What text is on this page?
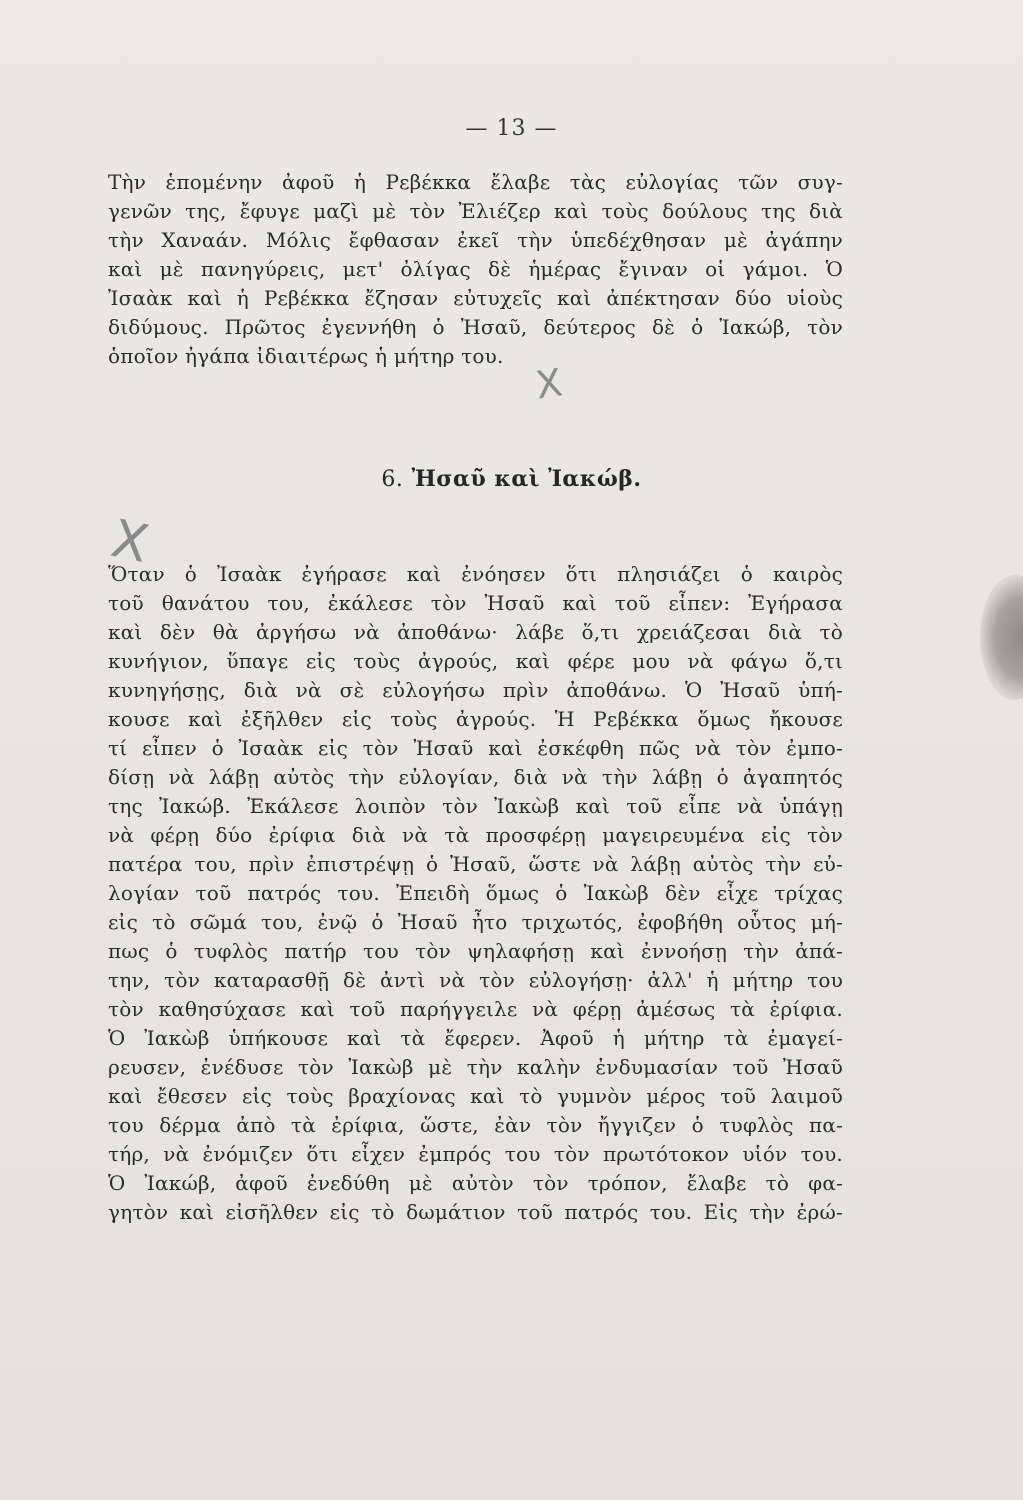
— 13 —
Τὴν ἑπομένην ἀφοῦ ἡ Ρεβέκκα ἔλαβε τὰς εὐλογίας τῶν συγ-
γενῶν της, ἔφυγε μαζὶ μὲ τὸν Ἐλιέζερ καὶ τοὺς δούλους της διὰ
τὴν Χαναάν. Μόλις ἔφθασαν ἐκεῖ τὴν ὑπεδέχθησαν μὲ ἀγάπην
καὶ μὲ πανηγύρεις, μετ' ὀλίγας δὲ ἡμέρας ἔγιναν οἱ γάμοι. Ὁ
Ἰσαὰκ καὶ ἡ Ρεβέκκα ἔζησαν εὐτυχεῖς καὶ ἀπέκτησαν δύο υἱοὺς
διδύμους. Πρῶτος ἐγεννήθη ὁ Ἠσαῦ, δεύτερος δὲ ὁ Ἰακώβ, τὸν
ὁποῖον ἠγάπα ἰδιαιτέρως ἡ μήτηρ του.
X
6. Ἠσαῦ καὶ Ἰακώβ.
X
Ὅταν ὁ Ἰσαὰκ ἐγήρασε καὶ ἐνόησεν ὅτι πλησιάζει ὁ καιρὸς
τοῦ θανάτου του, ἐκάλεσε τὸν Ἠσαῦ καὶ τοῦ εἶπεν: Ἐγήρασα
καὶ δὲν θὰ ἀργήσω νὰ ἀποθάνω· λάβε ὅ,τι χρειάζεσαι διὰ τὸ
κυνήγιον, ὕπαγε εἰς τοὺς ἀγρούς, καὶ φέρε μου νὰ φάγω ὅ,τι
κυνηγήσῃς, διὰ νὰ σὲ εὐλογήσω πρὶν ἀποθάνω. Ὁ Ἠσαῦ ὑπή-
κουσε καὶ ἐξῆλθεν εἰς τοὺς ἀγρούς. Ἡ Ρεβέκκα ὅμως ἤκουσε
τί εἶπεν ὁ Ἰσαὰκ εἰς τὸν Ἠσαῦ καὶ ἐσκέφθη πῶς νὰ τὸν ἐμπο-
δίσῃ νὰ λάβῃ αὐτὸς τὴν εὐλογίαν, διὰ νὰ τὴν λάβῃ ὁ ἀγαπητός
της Ἰακώβ. Ἐκάλεσε λοιπὸν τὸν Ἰακὼβ καὶ τοῦ εἶπε νὰ ὑπάγῃ
νὰ φέρῃ δύο ἐρίφια διὰ νὰ τὰ προσφέρῃ μαγειρευμένα εἰς τὸν
πατέρα του, πρὶν ἐπιστρέψῃ ὁ Ἠσαῦ, ὥστε νὰ λάβῃ αὐτὸς τὴν εὐ-
λογίαν τοῦ πατρός του. Ἐπειδὴ ὅμως ὁ Ἰακὼβ δὲν εἶχε τρίχας
εἰς τὸ σῶμά του, ἐνῷ ὁ Ἠσαῦ ἦτο τριχωτός, ἐφοβήθη οὗτος μή-
πως ὁ τυφλὸς πατήρ του τὸν ψηλαφήσῃ καὶ ἐννοήσῃ τὴν ἀπά-
την, τὸν καταρασθῇ δὲ ἀντὶ νὰ τὸν εὐλογήσῃ· ἀλλ' ἡ μήτηρ του
τὸν καθησύχασε καὶ τοῦ παρήγγειλε νὰ φέρῃ ἀμέσως τὰ ἐρίφια.
Ὁ Ἰακὼβ ὑπήκουσε καὶ τὰ ἔφερεν. Ἀφοῦ ἡ μήτηρ τὰ ἐμαγεί-
ρευσεν, ἐνέδυσε τὸν Ἰακὼβ μὲ τὴν καλὴν ἐνδυμασίαν τοῦ Ἠσαῦ
καὶ ἔθεσεν εἰς τοὺς βραχίονας καὶ τὸ γυμνὸν μέρος τοῦ λαιμοῦ
του δέρμα ἀπὸ τὰ ἐρίφια, ὥστε, ἐὰν τὸν ἤγγιζεν ὁ τυφλὸς πα-
τήρ, νὰ ἐνόμιζεν ὅτι εἶχεν ἐμπρός του τὸν πρωτότοκον υἱόν του.
Ὁ Ἰακώβ, ἀφοῦ ἐνεδύθη μὲ αὐτὸν τὸν τρόπον, ἔλαβε τὸ φα-
γητὸν καὶ εἰσῆλθεν εἰς τὸ δωμάτιον τοῦ πατρός του. Εἰς τὴν ἐρώ-
